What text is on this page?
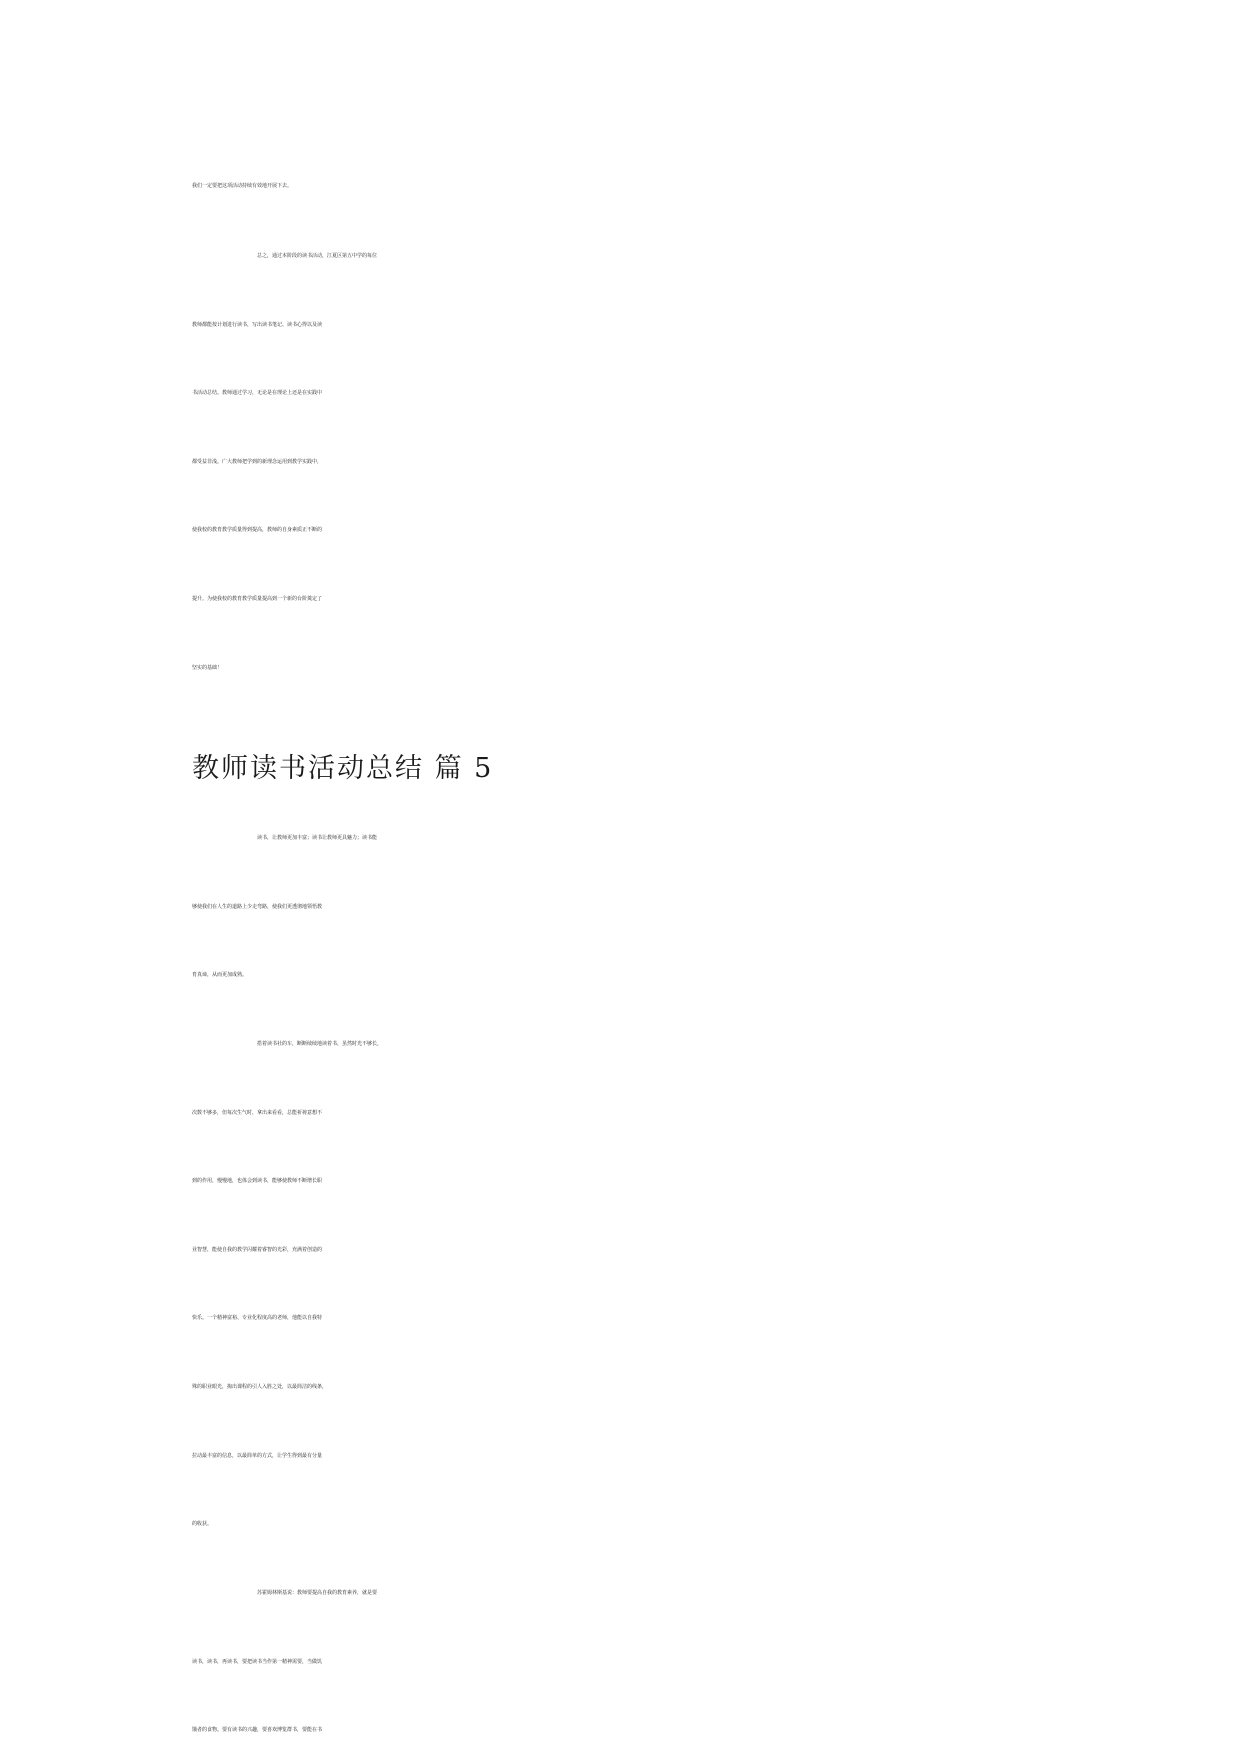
我们一定要把这项活动持续有效地开展下去。
总之，通过本阶段的读书活动，江夏区第五中学的每位
教师都能按计划进行读书，写出读书笔记、读书心得以及读
书活动总结。教师通过学习，无论是在理论上还是在实践中
都受益非浅。广大教师把学到的新理念运用到教学实践中，
使我校的教育教学质量得到提高，教师的自身素质正不断的
提升。为使我校的教育教学质量提高到一个新的台阶奠定了
坚实的基础！
教师读书活动总结 篇 5
读书，让教师更加丰富；读书让教师更具魅力；读书能
够使我们在人生的道路上少走弯路，使我们更透彻地领悟教
育真谛，从而更加成熟。
搭着读书社的车，断断续续地读着书，虽然时光不够长，
次数不够多，但每次生气时，拿出来看看，总能祈祷意想不
到的作用，慢慢地，也体会到读书，能够使教师不断增长职
业智慧，能使自我的教学闪耀着睿智的光彩，充满着创造的
快乐。一个精神富裕、专业化程度高的老师，他能以自我特
殊的职业眼光，掏出课程的引人入胜之处，以最简洁的线条，
拉动最丰富的信息，以最简单的方式，让学生得到最有分量
的收获。
苏霍姆林斯基说：教师要提高自我的教育素养，就是要
读书，读书，再读书，要把读书当作第一精神需要，当做饥
饿者的食物。要有读书的兴趣，要喜欢博览群书，要能在书
